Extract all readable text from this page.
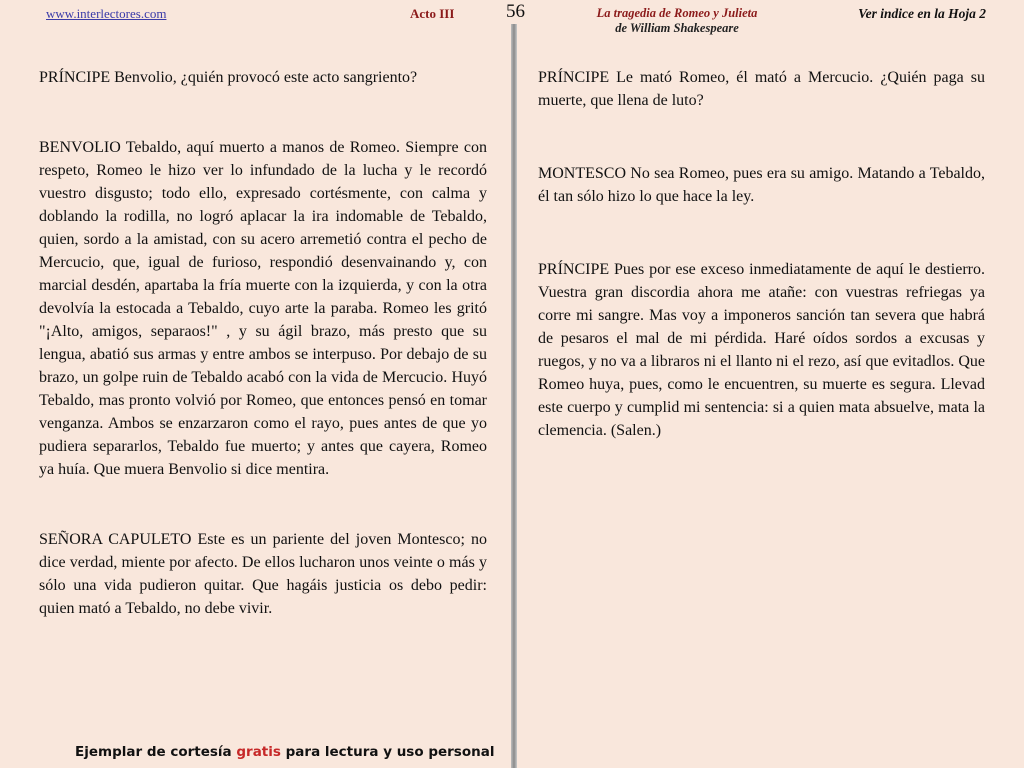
www.interlectores.com	Acto III	56	La tragedia de Romeo y Julieta
de William Shakespeare
Ver indice en la Hoja 2

PRÍNCIPE Benvolio, ¿quién provocó este acto sangriento?

BENVOLIO Tebaldo, aquí muerto a manos de Romeo. Siempre con respeto, Romeo le hizo ver lo infundado de la lucha y le recordó vuestro disgusto; todo ello, expresado cortésmente, con calma y doblando la rodilla, no logró aplacar la ira indomable de Tebaldo, quien, sordo a la amistad, con su acero arremetió contra el pecho de Mercucio, que, igual de furioso, respondió desenvainando y, con marcial desdén, apartaba la fría muerte con la izquierda, y con la otra devolvía la estocada a Tebaldo, cuyo arte la paraba. Romeo les gritó "¡Alto, amigos, separaos!" , y su ágil brazo, más presto que su lengua, abatió sus armas y entre ambos se interpuso. Por debajo de su brazo, un golpe ruin de Tebaldo acabó con la vida de Mercucio. Huyó Tebaldo, mas pronto volvió por Romeo, que entonces pensó en tomar venganza. Ambos se enzarzaron como el rayo, pues antes de que yo pudiera separarlos, Tebaldo fue muerto; y antes que cayera, Romeo ya huía. Que muera Benvolio si dice mentira.

SEÑORA CAPULETO Este es un pariente del joven Montesco; no dice verdad, miente por afecto. De ellos lucharon unos veinte o más y sólo una vida pudieron quitar. Que hagáis justicia os debo pedir: quien mató a Tebaldo, no debe vivir.

PRÍNCIPE Le mató Romeo, él mató a Mercucio. ¿Quién paga su muerte, que llena de luto?

MONTESCO No sea Romeo, pues era su amigo. Matando a Tebaldo, él tan sólo hizo lo que hace la ley.

PRÍNCIPE Pues por ese exceso inmediatamente de aquí le destierro. Vuestra gran discordia ahora me atañe: con vuestras refriegas ya corre mi sangre. Mas voy a imponeros sanción tan severa que habrá de pesaros el mal de mi pérdida. Haré oídos sordos a excusas y ruegos, y no va a libraros ni el llanto ni el rezo, así que evitadlos. Que Romeo huya, pues, como le encuentren, su muerte es segura. Llevad este cuerpo y cumplid mi sentencia: si a quien mata absuelve, mata la clemencia. (Salen.)

Ejemplar de cortesía gratis para lectura y uso personal
